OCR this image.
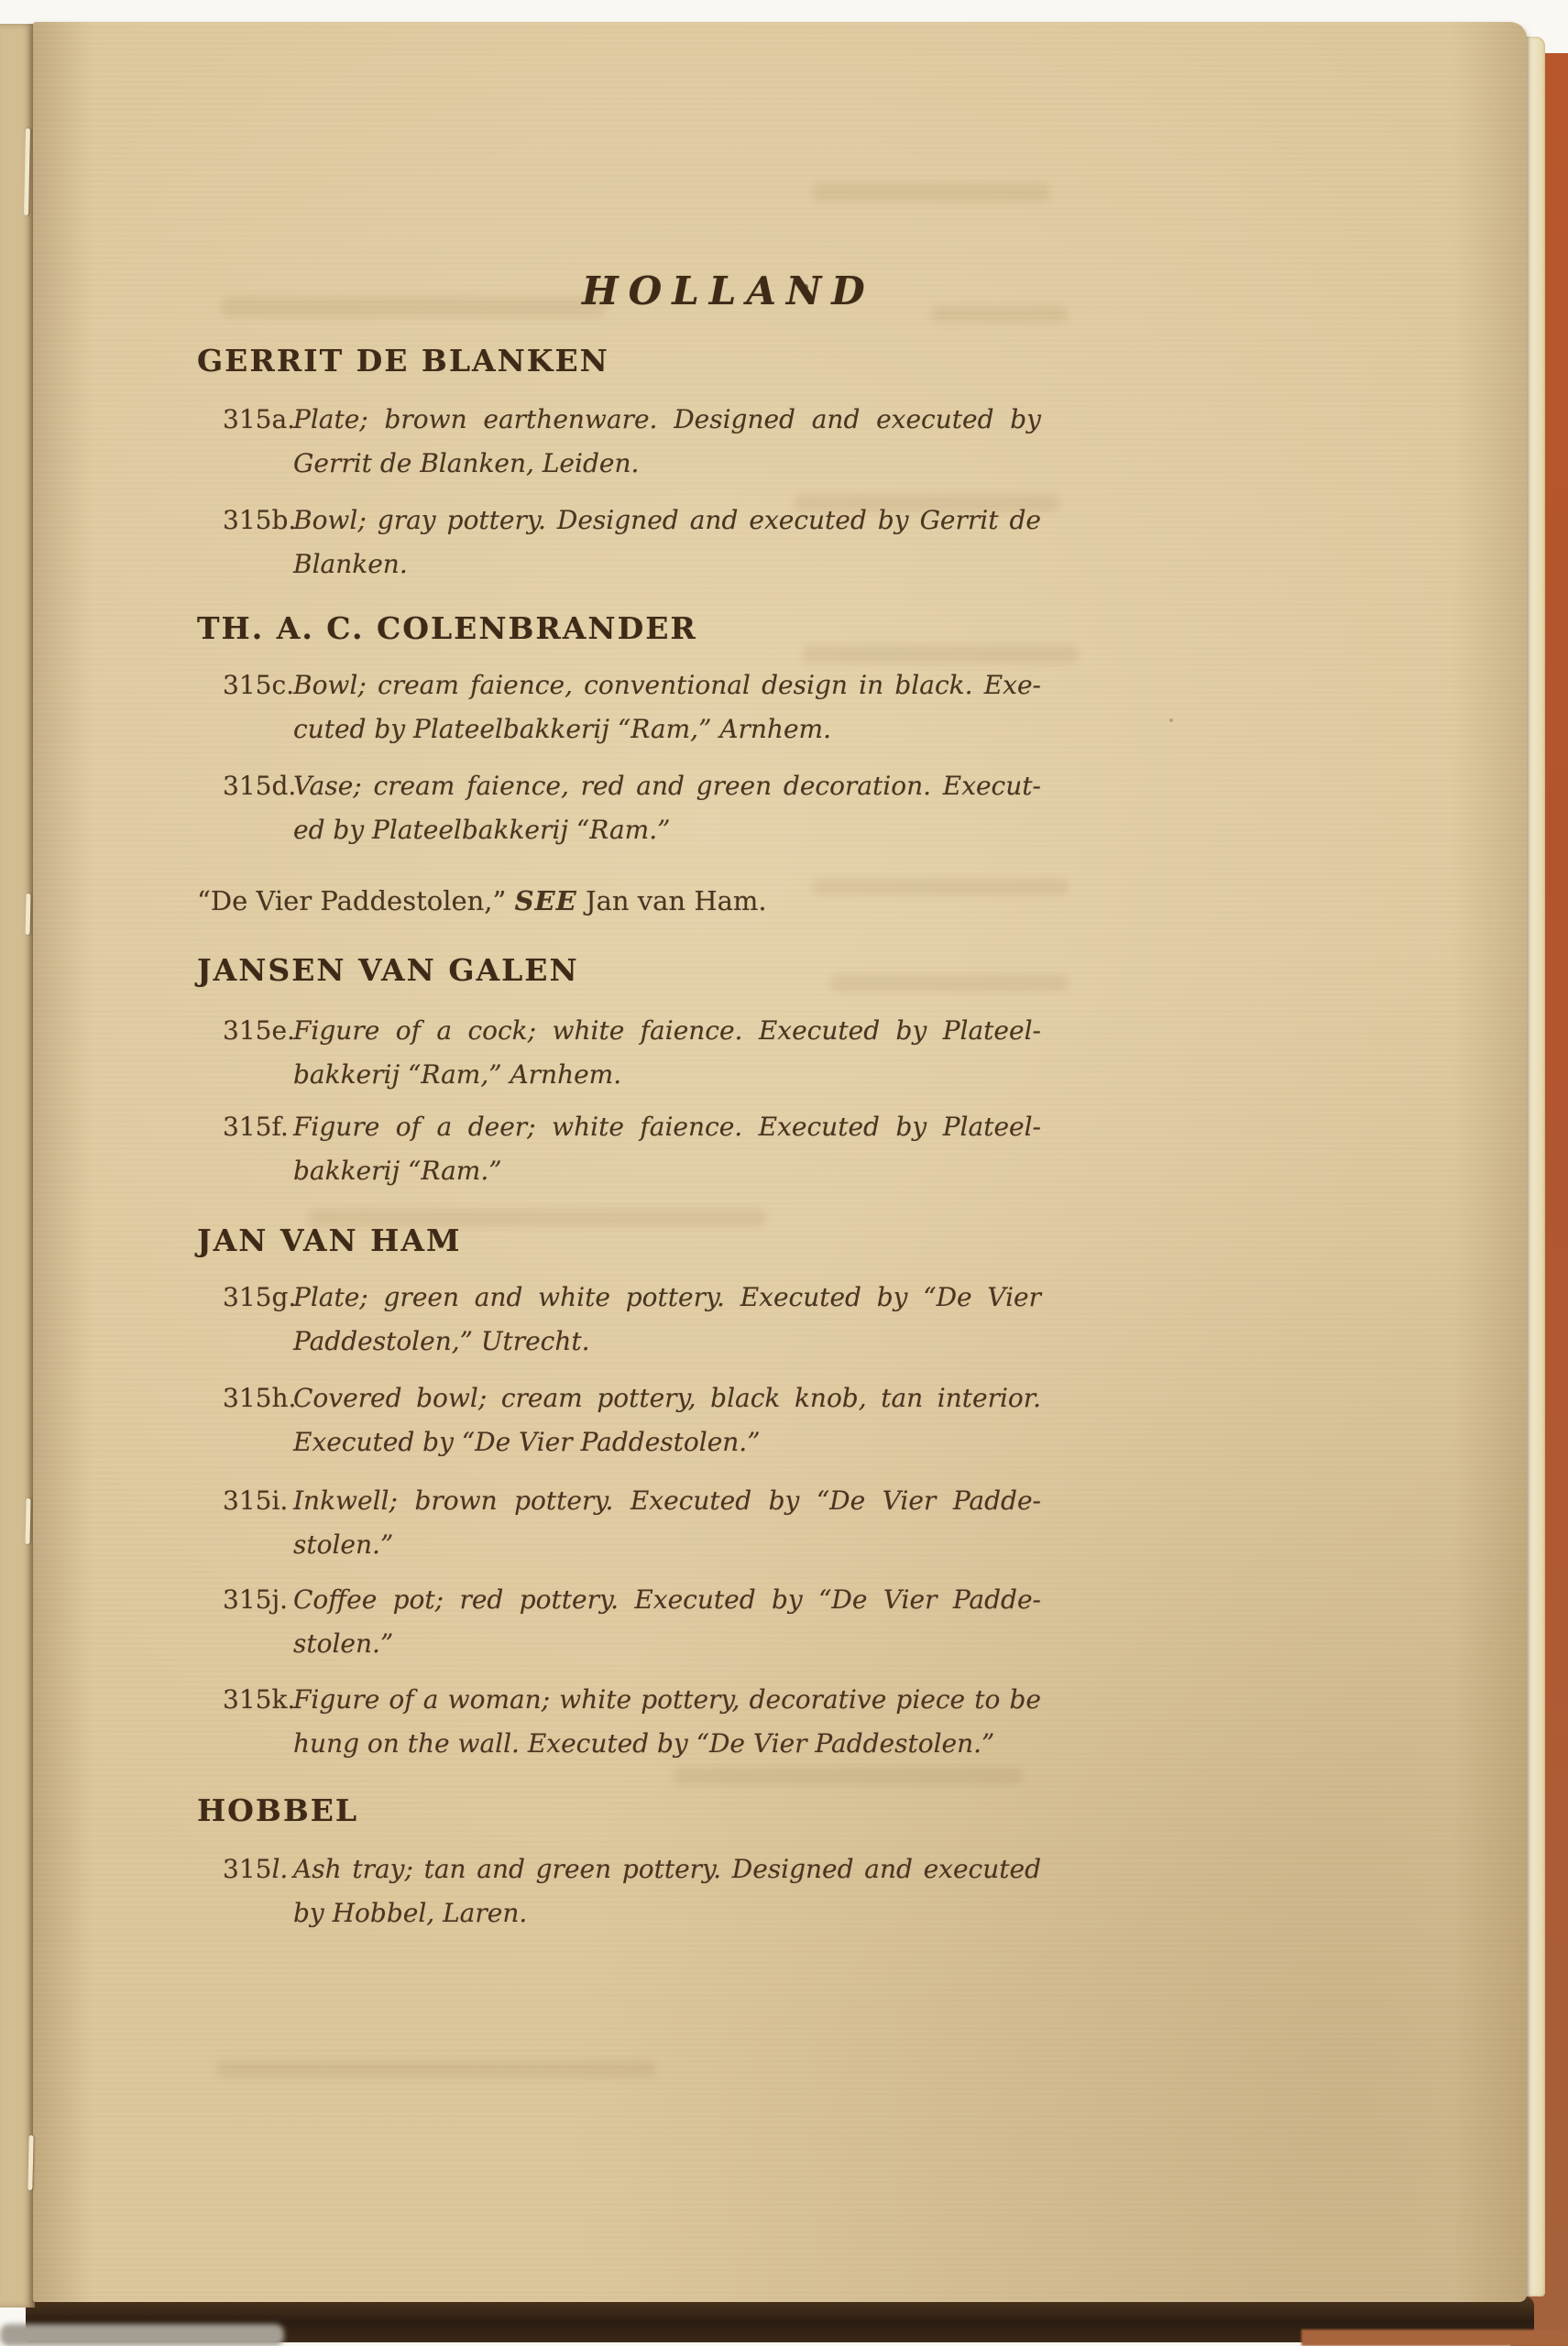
HOLLAND
GERRIT DE BLANKEN
315a.
Plate; brown earthenware. Designed and executed by
Gerrit de Blanken, Leiden.
315b.
Bowl; gray pottery. Designed and executed by Gerrit de
Blanken.
TH. A. C. COLENBRANDER
315c.
Bowl; cream faience, conventional design in black. Exe-
cuted by Plateelbakkerij “Ram,” Arnhem.
315d.
Vase; cream faience, red and green decoration. Execut-
ed by Plateelbakkerij “Ram.”
“De Vier Paddestolen,” SEE Jan van Ham.
JANSEN VAN GALEN
315e.
Figure of a cock; white faience. Executed by Plateel-
bakkerij “Ram,” Arnhem.
315f. Figure of a deer; white faience. Executed by Plateel-
bakkerij “Ram.”
JAN VAN HAM
315g.
Plate; green and white pottery. Executed by “De Vier
Paddestolen,” Utrecht.
315h.
Covered bowl; cream pottery, black knob, tan interior.
Executed by “De Vier Paddestolen.”
315i. Inkwell; brown pottery. Executed by “De Vier Padde-
stolen.”
315j. Coffee pot; red pottery. Executed by “De Vier Padde-
stolen.”
315k.
Figure of a woman; white pottery, decorative piece to be
hung on the wall. Executed by “De Vier Paddestolen.”
HOBBEL
315l. Ash tray; tan and green pottery. Designed and executed
by Hobbel, Laren.
